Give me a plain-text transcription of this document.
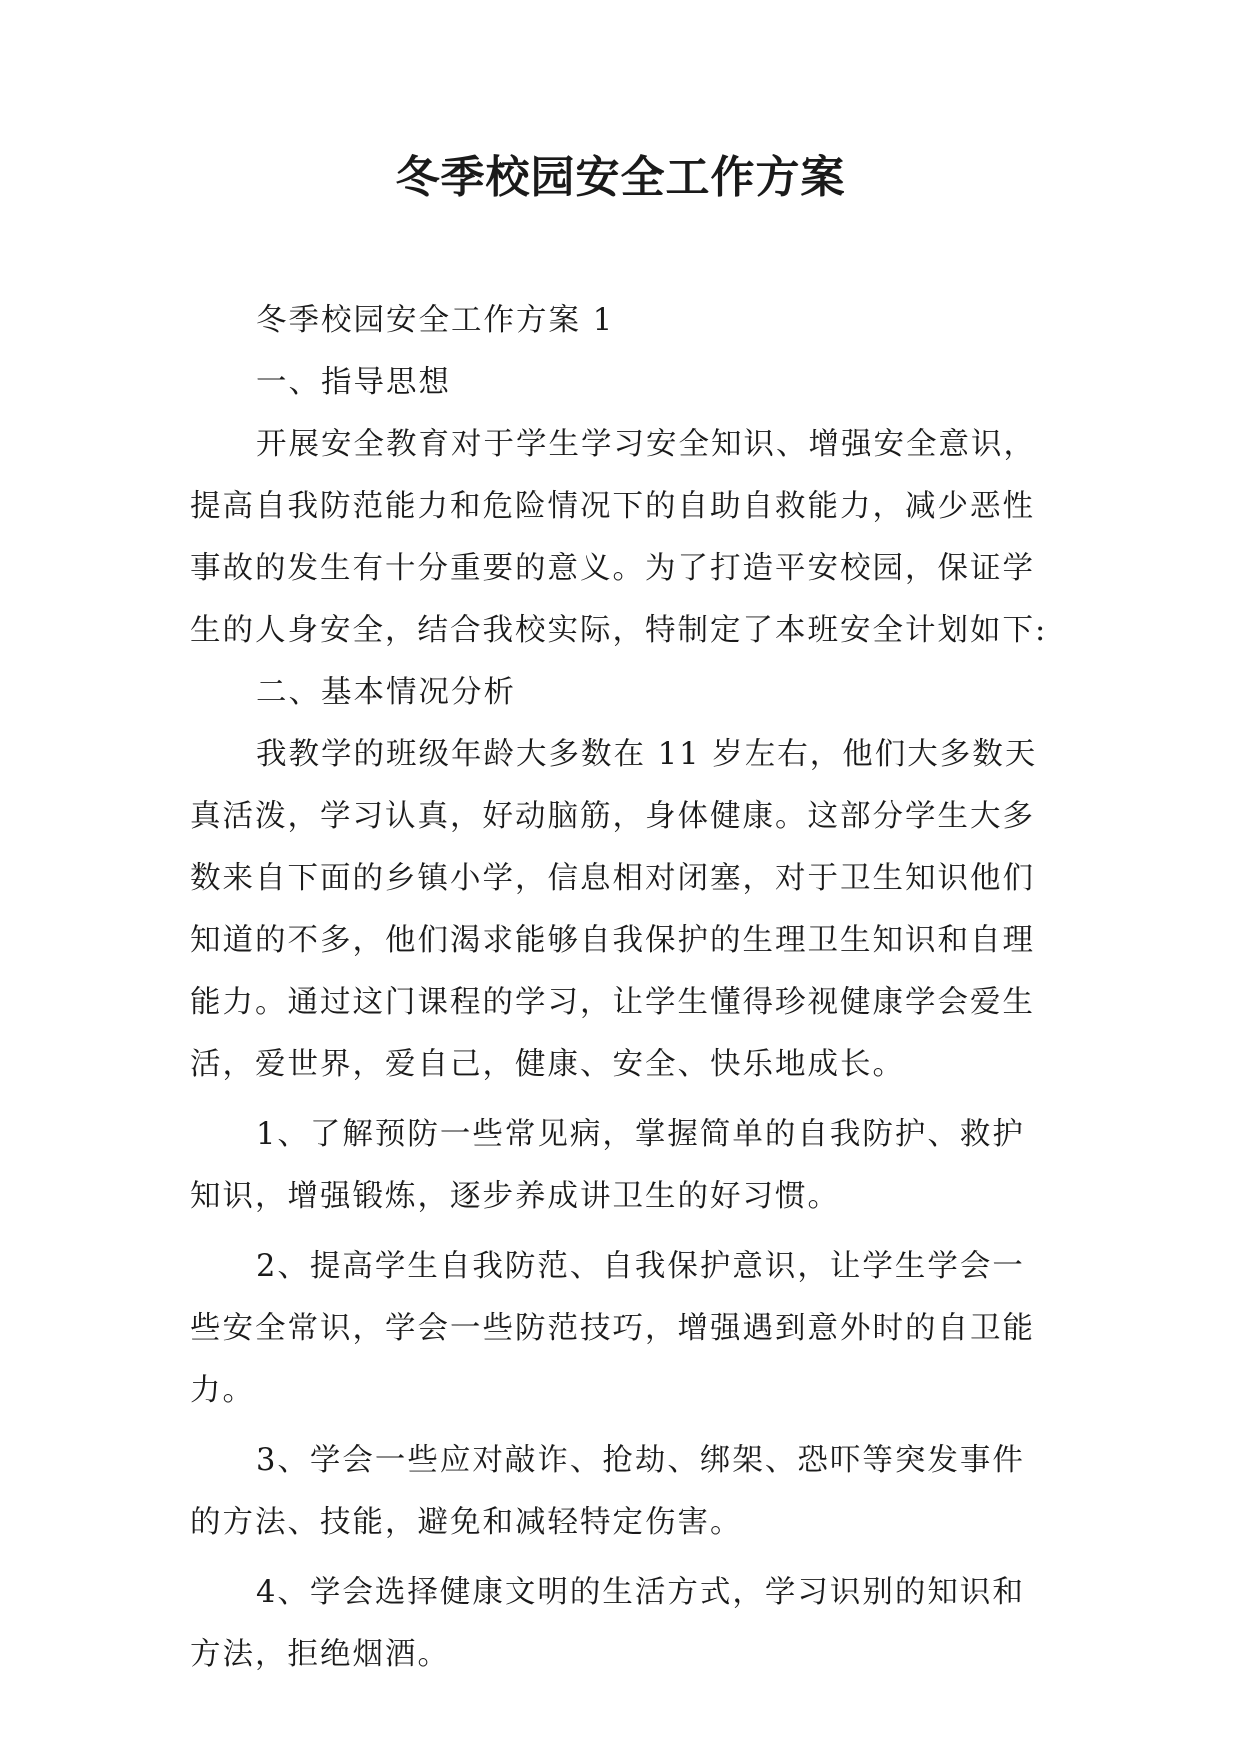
冬季校园安全工作方案

冬季校园安全工作方案 1

一、指导思想

开展安全教育对于学生学习安全知识、增强安全意识，提高自我防范能力和危险情况下的自助自救能力，减少恶性事故的发生有十分重要的意义。为了打造平安校园，保证学生的人身安全，结合我校实际，特制定了本班安全计划如下:

二、基本情况分析

我教学的班级年龄大多数在 11 岁左右，他们大多数天真活泼，学习认真，好动脑筋，身体健康。这部分学生大多数来自下面的乡镇小学，信息相对闭塞，对于卫生知识他们知道的不多，他们渴求能够自我保护的生理卫生知识和自理能力。通过这门课程的学习，让学生懂得珍视健康学会爱生活，爱世界，爱自己，健康、安全、快乐地成长。

1、了解预防一些常见病，掌握简单的自我防护、救护知识，增强锻炼，逐步养成讲卫生的好习惯。

2、提高学生自我防范、自我保护意识，让学生学会一些安全常识，学会一些防范技巧，增强遇到意外时的自卫能力。

3、学会一些应对敲诈、抢劫、绑架、恐吓等突发事件的方法、技能，避免和减轻特定伤害。

4、学会选择健康文明的生活方式，学习识别的知识和方法，拒绝烟酒。
